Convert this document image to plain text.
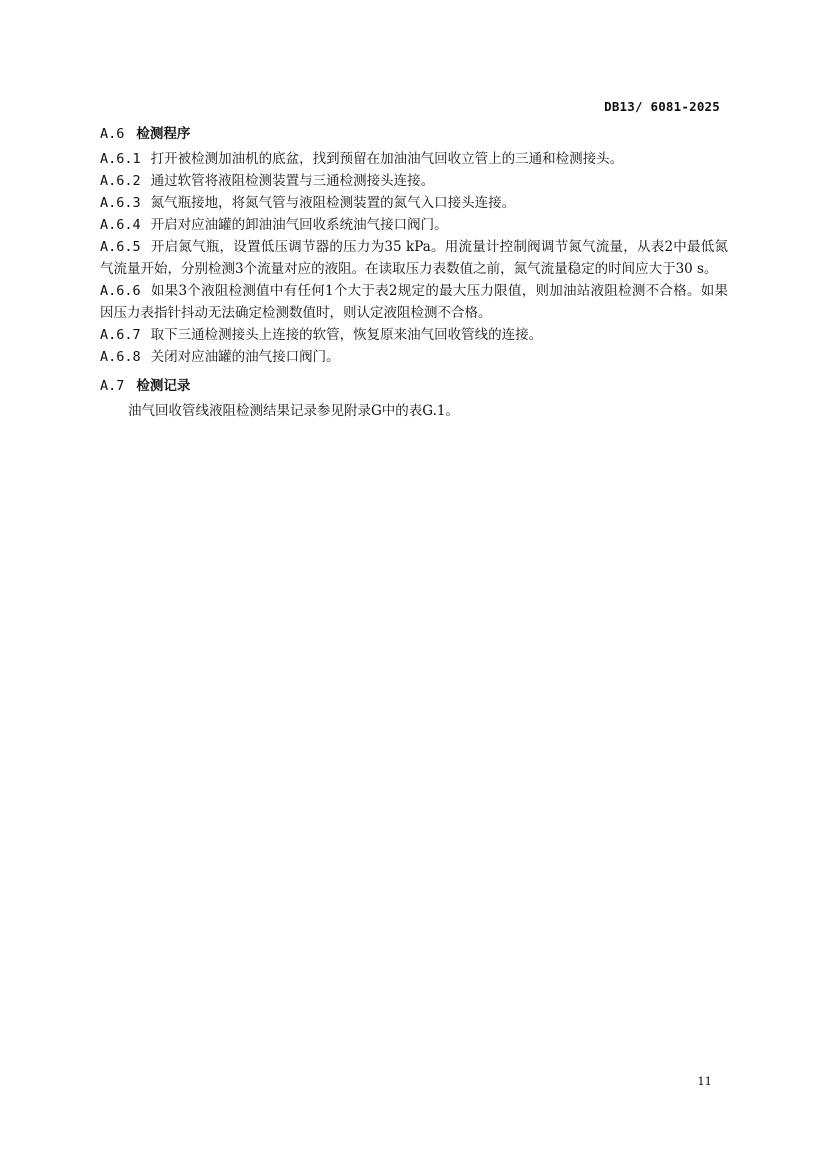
DB13/ 6081-2025
A.6 检测程序
A.6.1 打开被检测加油机的底盆，找到预留在加油油气回收立管上的三通和检测接头。
A.6.2 通过软管将液阻检测装置与三通检测接头连接。
A.6.3 氮气瓶接地，将氮气管与液阻检测装置的氮气入口接头连接。
A.6.4 开启对应油罐的卸油油气回收系统油气接口阀门。
A.6.5 开启氮气瓶，设置低压调节器的压力为35 kPa。用流量计控制阀调节氮气流量，从表2中最低氮气流量开始，分别检测3个流量对应的液阻。在读取压力表数值之前，氮气流量稳定的时间应大于30 s。
A.6.6 如果3个液阻检测值中有任何1个大于表2规定的最大压力限值，则加油站液阻检测不合格。如果因压力表指针抖动无法确定检测数值时，则认定液阻检测不合格。
A.6.7 取下三通检测接头上连接的软管，恢复原来油气回收管线的连接。
A.6.8 关闭对应油罐的油气接口阀门。
A.7 检测记录
油气回收管线液阻检测结果记录参见附录G中的表G.1。
11
